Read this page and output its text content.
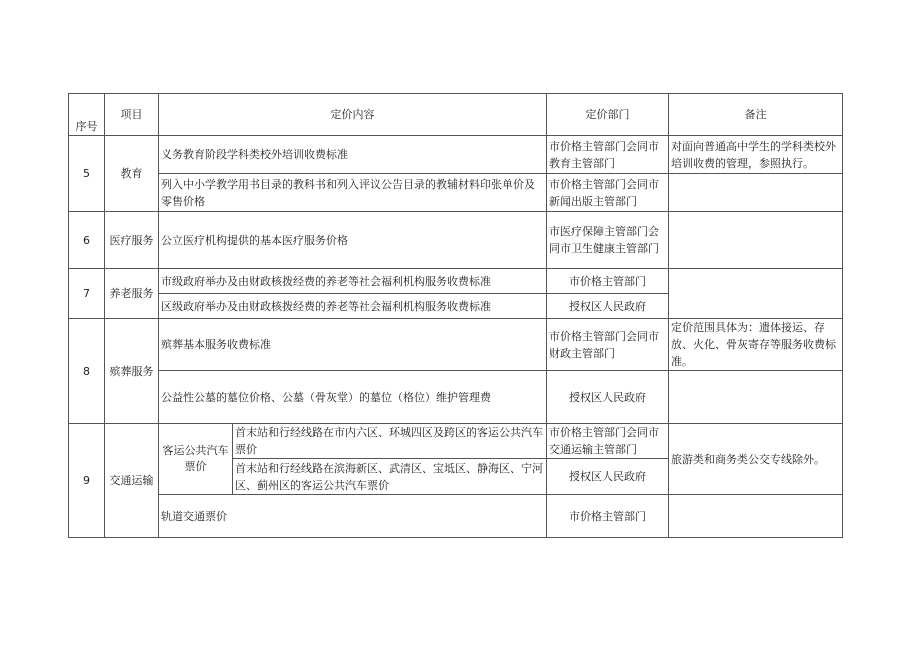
序号	项目	定价内容		定价部门	备注
5	教育	义务教育阶段学科类校外培训收费标准		市价格主管部门会同市教育主管部门	对面向普通高中学生的学科类校外培训收费的管理，参照执行。
		列入中小学教学用书目录的教科书和列入评议公告目录的教辅材料印张单价及零售价格		市价格主管部门会同市新闻出版主管部门	
6	医疗服务	公立医疗机构提供的基本医疗服务价格		市医疗保障主管部门会同市卫生健康主管部门	
7	养老服务	市级政府举办及由财政核拨经费的养老等社会福利机构服务收费标准		市价格主管部门	
		区级政府举办及由财政核拨经费的养老等社会福利机构服务收费标准		授权区人民政府	
8	殡葬服务	殡葬基本服务收费标准		市价格主管部门会同市财政主管部门	定价范围具体为：遗体接运、存放、火化、骨灰寄存等服务收费标准。
		公益性公墓的墓位价格、公墓（骨灰堂）的墓位（格位）维护管理费		授权区人民政府	
9	交通运输	客运公共汽车票价	首末站和行经线路在市内六区、环城四区及跨区的客运公共汽车票价	市价格主管部门会同市交通运输主管部门	旅游类和商务类公交专线除外。
			首末站和行经线路在滨海新区、武清区、宝坻区、静海区、宁河区、蓟州区的客运公共汽车票价	授权区人民政府	
		轨道交通票价		市价格主管部门	
